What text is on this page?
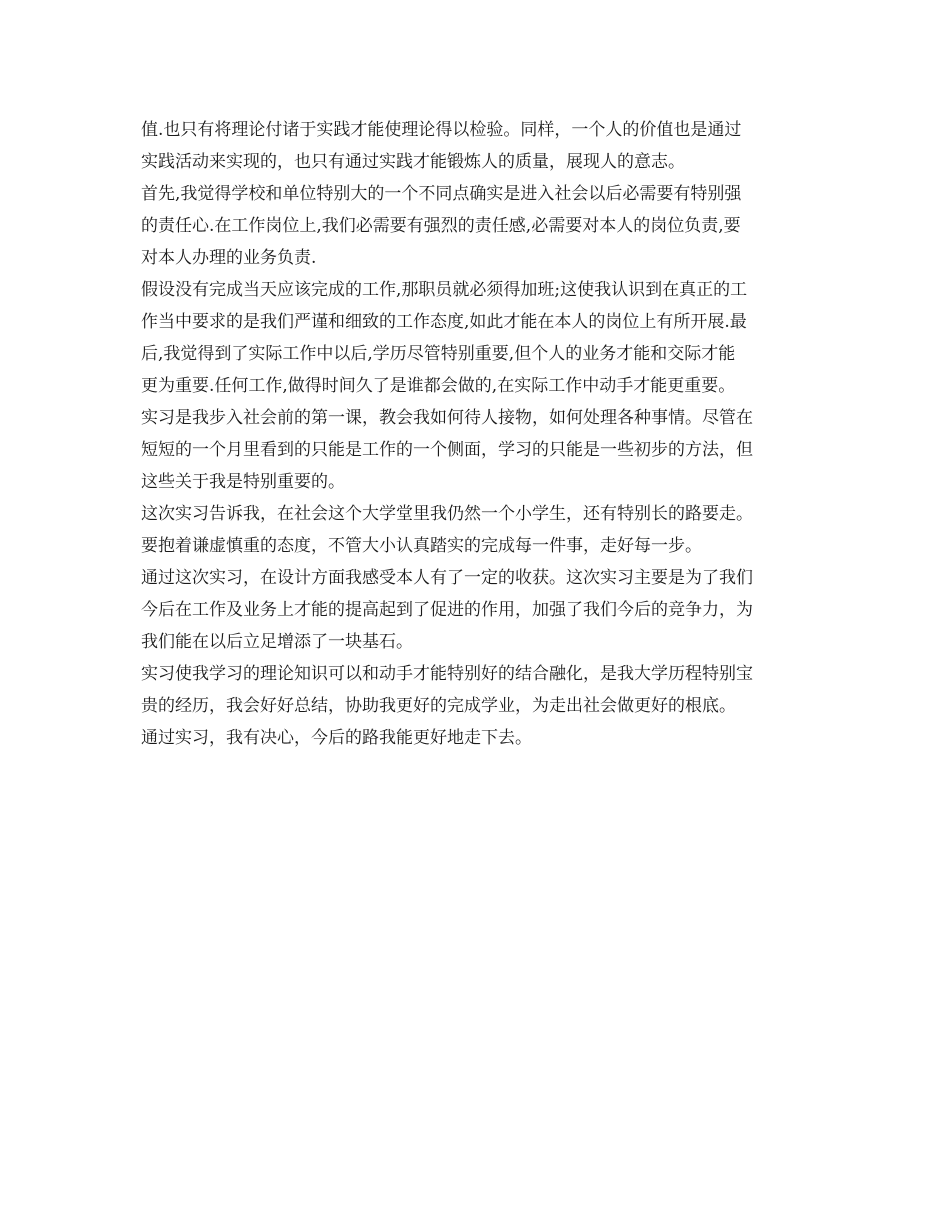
值.也只有将理论付诸于实践才能使理论得以检验。同样，一个人的价值也是通过
实践活动来实现的，也只有通过实践才能锻炼人的质量，展现人的意志。

首先,我觉得学校和单位特别大的一个不同点确实是进入社会以后必需要有特别强
的责任心.在工作岗位上,我们必需要有强烈的责任感,必需要对本人的岗位负责,要
对本人办理的业务负责.

假设没有完成当天应该完成的工作,那职员就必须得加班;这使我认识到在真正的工
作当中要求的是我们严谨和细致的工作态度,如此才能在本人的岗位上有所开展.最
后,我觉得到了实际工作中以后,学历尽管特别重要,但个人的业务才能和交际才能
更为重要.任何工作,做得时间久了是谁都会做的,在实际工作中动手才能更重要。

实习是我步入社会前的第一课，教会我如何待人接物，如何处理各种事情。尽管在
短短的一个月里看到的只能是工作的一个侧面，学习的只能是一些初步的方法，但
这些关于我是特别重要的。

这次实习告诉我，在社会这个大学堂里我仍然一个小学生，还有特别长的路要走。
要抱着谦虚慎重的态度，不管大小认真踏实的完成每一件事，走好每一步。

通过这次实习，在设计方面我感受本人有了一定的收获。这次实习主要是为了我们
今后在工作及业务上才能的提高起到了促进的作用，加强了我们今后的竞争力，为
我们能在以后立足增添了一块基石。

实习使我学习的理论知识可以和动手才能特别好的结合融化，是我大学历程特别宝
贵的经历，我会好好总结，协助我更好的完成学业，为走出社会做更好的根底。

通过实习，我有决心，今后的路我能更好地走下去。
